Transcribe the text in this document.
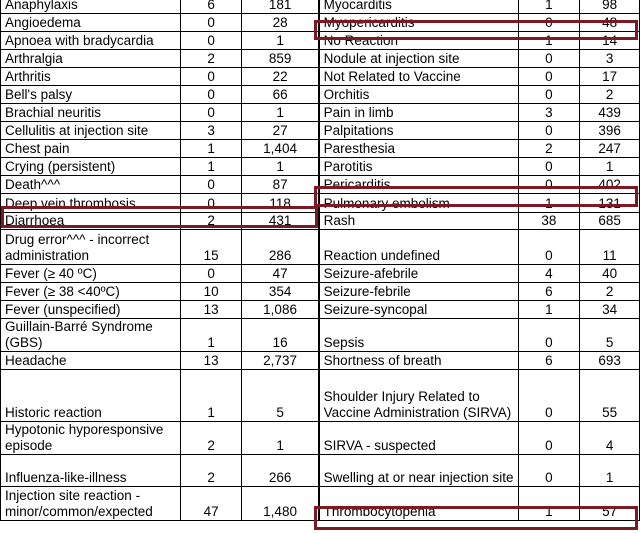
Anaphylaxis	6	181	Myocarditis	1	98
Angioedema	0	28	Myopericarditis	0	48
Apnoea with bradycardia	0	1	No Reaction	1	14
Arthralgia	2	859	Nodule at injection site	0	3
Arthritis	0	22	Not Related to Vaccine	0	17
Bell's palsy	0	66	Orchitis	0	2
Brachial neuritis	0	1	Pain in limb	3	439
Cellulitis at injection site	3	27	Palpitations	0	396
Chest pain	1	1,404	Paresthesia	2	247
Crying (persistent)	1	1	Parotitis	0	1
Death^^^	0	87	Pericarditis	0	402
Deep vein thrombosis	0	118	Pulmonary embolism	1	131
Diarrhoea	2	431	Rash	38	685
Drug error^^^ - incorrect administration	15	286	Reaction undefined	0	11
Fever (≥ 40 ºC)	0	47	Seizure-afebrile	4	40
Fever (≥ 38 <40ºC)	10	354	Seizure-febrile	6	2
Fever (unspecified)	13	1,086	Seizure-syncopal	1	34
Guillain-Barré Syndrome (GBS)	1	16	Sepsis	0	5
Headache	13	2,737	Shortness of breath	6	693
Historic reaction	1	5	Shoulder Injury Related to Vaccine Administration (SIRVA)	0	55
Hypotonic hyporesponsive episode	2	1	SIRVA - suspected	0	4
Influenza-like-illness	2	266	Swelling at or near injection site	0	1
Injection site reaction - minor/common/expected	47	1,480	Thrombocytopenia	1	57
